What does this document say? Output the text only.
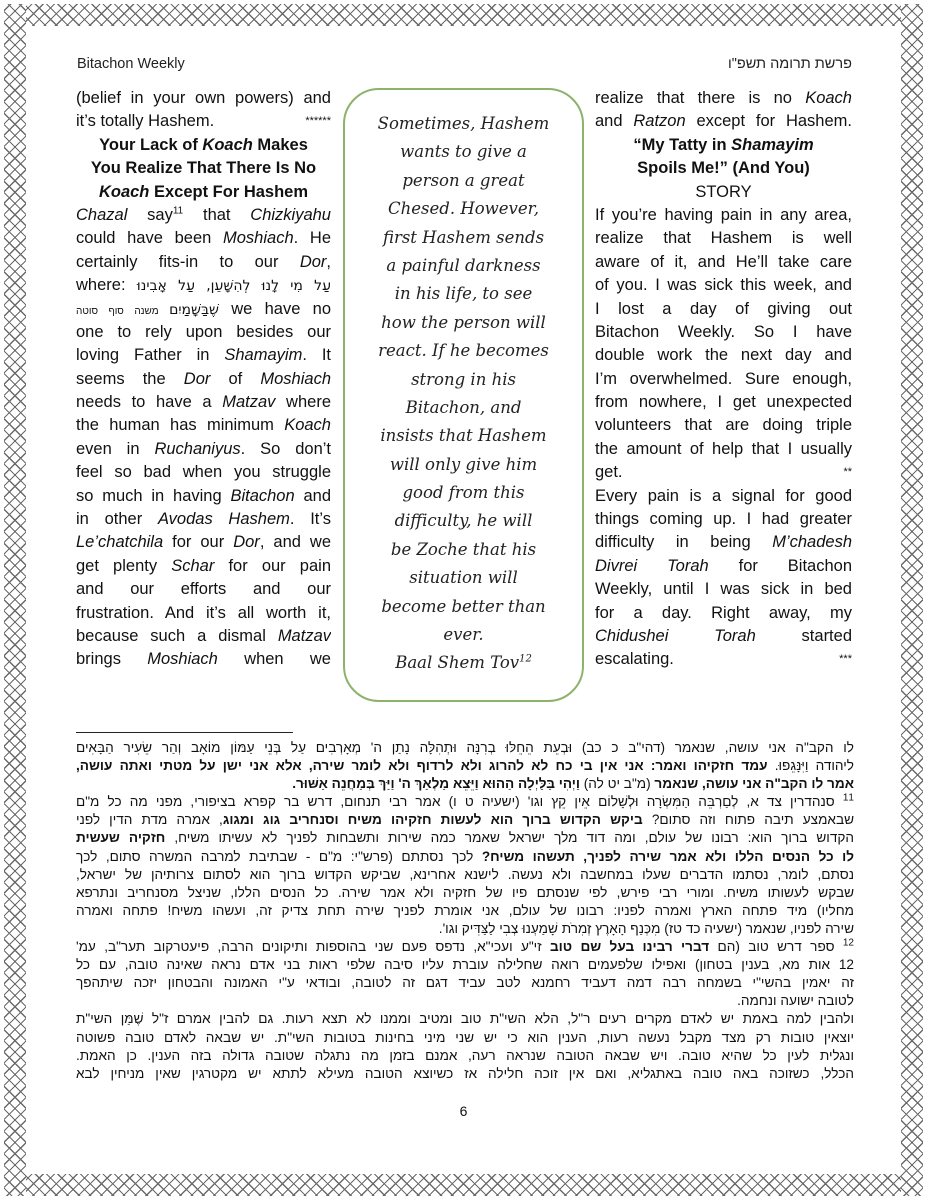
Bitachon Weekly	פרשת תרומה תשפ"ו
(belief in your own powers) and
******
it’s totally Hashem.
Your Lack of Koach Makes
You Realize That There Is No
Koach Except For Hashem
Chazal say$^{11}$ that Chizkiyahu
could have been Moshiach. He
certainly fits-in to our Dor,
where: עַל מִי לָנוּ לְהִשָּׁעֵן, עַל אָבִינוּ
שֶׁבַּשָּׁמַיִם משנה סוף סוטה	we have no
one to rely upon besides our
loving Father in Shamayim. It
seems the Dor of Moshiach
needs to have a Matzav where
the human has minimum Koach
even in Ruchaniyus. So don’t
feel so bad when you struggle
so much in having Bitachon and
in other Avodas Hashem. It’s
Le’chatchila for our Dor, and we
get plenty Schar for our pain
and our efforts and our
frustration. And it’s all worth it,
because such a dismal Matzav
brings Moshiach when we
Sometimes, Hashem
wants to give a
person a great
Chesed. However,
first Hashem sends
a painful darkness
in his life, to see
how the person will
react. If he becomes
strong in his
Bitachon, and
insists that Hashem
will only give him
good from this
difficulty, he will
be Zoche that his
situation will
become better than
ever.
Baal Shem Tov$^{12}$
realize that there is no Koach
and Ratzon except for Hashem.
“My Tatty in Shamayim
Spoils Me!” (And You)
STORY
If you’re having pain in any area,
realize that Hashem is well
aware of it, and He’ll take care
of you. I was sick this week, and
I lost a day of giving out
Bitachon Weekly. So I have
double work the next day and
I’m overwhelmed. Sure enough,
from nowhere, I get unexpected
volunteers that are doing triple
the amount of help that I usually
**
get.
Every pain is a signal for good
things coming up. I had greater
difficulty in being M’chadesh
Divrei Torah for Bitachon
Weekly, until I was sick in bed
for a day. Right away, my
Chidushei Torah started
***
escalating.
לו הקב"ה אני עושה, שנאמר (דהי"ב כ כב) וּבְעֵת הֵחֵלּוּ בְרִנָּה וּתְהִלָּה נָתַן ה' מְאָרְבִים עַל בְּנֵי עַמּוֹן מוֹאָב וְהַר שֵׂעִיר הַבָּאִים
ליהודה וַיִּנָּגֵפוּ. עמד חזקיהו ואמר: אני אין בי כח לא להרוג ולא לרדוף ולא לומר שירה, אלא אני ישן על מטתי ואתה עושה,
אמר לו הקב"ה אני עושה, שנאמר (מ"ב יט לה) וַיְהִי בַּלַּיְלָה הַהוּא וַיֵּצֵא מַלְאַךְ ה' וַיַּךְ בְּמַחֲנֵה אַשּׁוּר.
$^{11}$ סנהדרין צד א, לְםַרְבֵּה הַמִּשְׂרָה וּלְשָׁלוֹם אֵין קֵץ וגו' (ישעיה ט ו) אמר רבי תנחום, דרש בר קפרא בציפורי, מפני מה כל מ"ם
שבאמצע תיבה פתוח וזה סתום? ביקש הקדוש ברוך הוא לעשות חזקיהו משיח וסנחריב גוג ומגוג, אמרה מדת הדין לפני
הקדוש ברוך הוא: רבונו של עולם, ומה דוד מלך ישראל שאמר כמה שירות ותשבחות לפניך לא עשיתו משיח, חזקיה שעשית
לו כל הנסים הללו ולא אמר שירה לפניך, תעשהו משיח? לכך נסתתם (פרש"י: מ"ם - שבתיבת למרבה המשרה סתום, לכך
נסתם, לומר, נסתמו הדברים שעלו במחשבה ולא נעשה. לישנא אחרינא, שביקש הקדוש ברוך הוא לסתום צרותיהן של ישראל,
שבקש לעשותו משיח. ומורי רבי פירש, לפי שנסתם פיו של חזקיה ולא אמר שירה. כל הנסים הללו, שניצל מסנחריב ונתרפא
מחליו) מיד פתחה הארץ ואמרה לפניו: רבונו של עולם, אני אומרת לפניך שירה תחת צדיק זה, ועשהו משיח! פתחה ואמרה
שירה לפניו, שנאמר (ישעיה כד טז) מִכְּנַף הָאָרֶץ זְמִרֹת שָׁמַעְנוּ צְבִי לַצַּדִּיק וגו'.
$^{12}$ ספר דרש טוב (הם דברי רבינו בעל שם טוב זי"ע ועכי"א, נדפס פעם שני בהוספות ותיקונים הרבה, פיעטרקוב תער"ב, עמ'
12 אות מא, בענין בטחון) ואפילו שלפעמים רואה שחלילה עוברת עליו סיבה שלפי ראות בני אדם נראה שאינה טובה, עם כל
זה יאמין בהשי"י בשמחה רבה דמה דעביד רחמנא לטב עביד דגם זה לטובה, ובודאי ע"י האמונה והבטחון יזכה שיתהפך
לטובה ישועה ונחמה.
ולהבין למה באמת יש לאדם מקרים רעים ר"ל, הלא השי"ת טוב ומטיב וממנו לא תצא רעות. גם להבין אמרם ז"ל שֶׁמַּן השי"ת
יוצאין טובות רק מצד מקבל נעשה רעות, הענין הוא כי יש שני מיני בחינות בטובות השי"ת. יש שבאה לאדם טובה פשוטה
ונגלית לעין כל שהיא טובה. ויש שבאה הטובה שנראה רעה, אמנם בזמן מה נתגלה שטובה גדולה בזה הענין. כן האמת.
הכלל, כשזוכה באה טובה באתגליא, ואם אין זוכה חלילה אז כשיוצא הטובה מעילא לתתא יש מקטרגין שאין מניחין לבא
6
